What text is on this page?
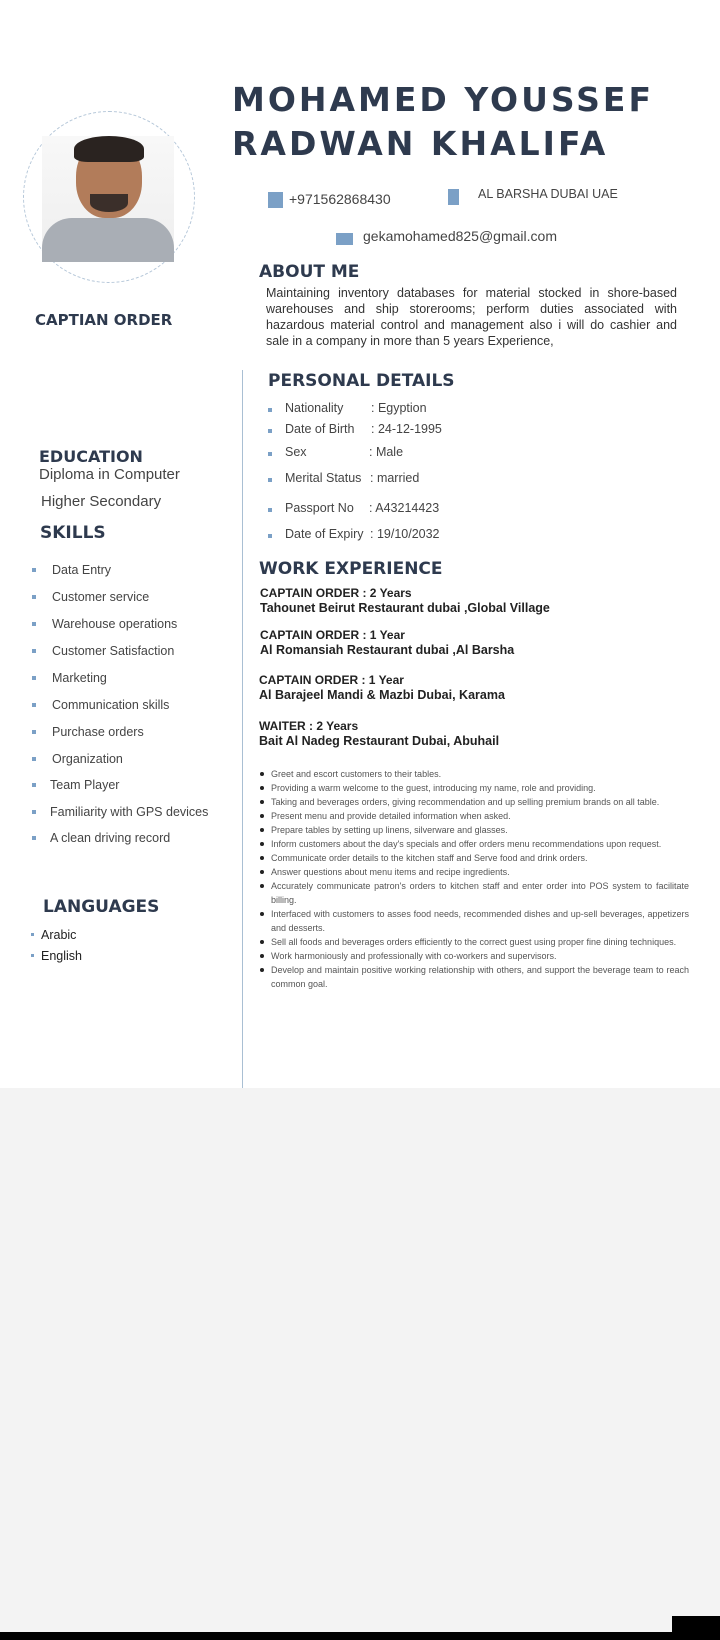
MOHAMED YOUSSEF
RADWAN KHALIFA
CAPTIAN ORDER
+971562868430	AL BARSHA DUBAI UAE
gekamohamed825@gmail.com
ABOUT ME
Maintaining inventory databases for material stocked in shore-based warehouses and ship storerooms; perform duties associated with hazardous material control and management also i will do cashier and sale in a company in more than 5 years Experience,
PERSONAL DETAILS
Nationality : Egyption
Date of Birth : 24-12-1995
Sex	: Male
Merital Status : married
Passport No : A43214423
Date of Expiry : 19/10/2032
EDUCATION
Diploma in Computer
Higher Secondary
SKILLS
Data Entry
Customer service
Warehouse operations
Customer Satisfaction
Marketing
Communication skills
Purchase orders
Organization
Team Player
Familiarity with GPS devices
A clean driving record
LANGUAGES
Arabic
English
WORK EXPERIENCE
CAPTAIN ORDER : 2 Years
Tahounet Beirut Restaurant dubai ,Global Village
CAPTAIN ORDER : 1 Year
Al Romansiah Restaurant dubai ,Al Barsha
CAPTAIN ORDER : 1 Year
Al Barajeel Mandi & Mazbi Dubai, Karama
WAITER : 2 Years
Bait Al Nadeg Restaurant Dubai, Abuhail
Greet and escort customers to their tables.
Providing a warm welcome to the guest, introducing my name, role and providing.
Taking and beverages orders, giving recommendation and up selling premium brands on all table.
Present menu and provide detailed information when asked.
Prepare tables by setting up linens, silverware and glasses.
Inform customers about the day's specials and offer orders menu recommendations upon request.
Communicate order details to the kitchen staff and Serve food and drink orders.
Answer questions about menu items and recipe ingredients.
Accurately communicate patron's orders to kitchen staff and enter order into POS system to facilitate billing.
Interfaced with customers to asses food needs, recommended dishes and up-sell beverages, appetizers and desserts.
Sell all foods and beverages orders efficiently to the correct guest using proper fine dining techniques.
Work harmoniously and professionally with co-workers and supervisors.
Develop and maintain positive working relationship with others, and support the beverage team to reach common goal.
